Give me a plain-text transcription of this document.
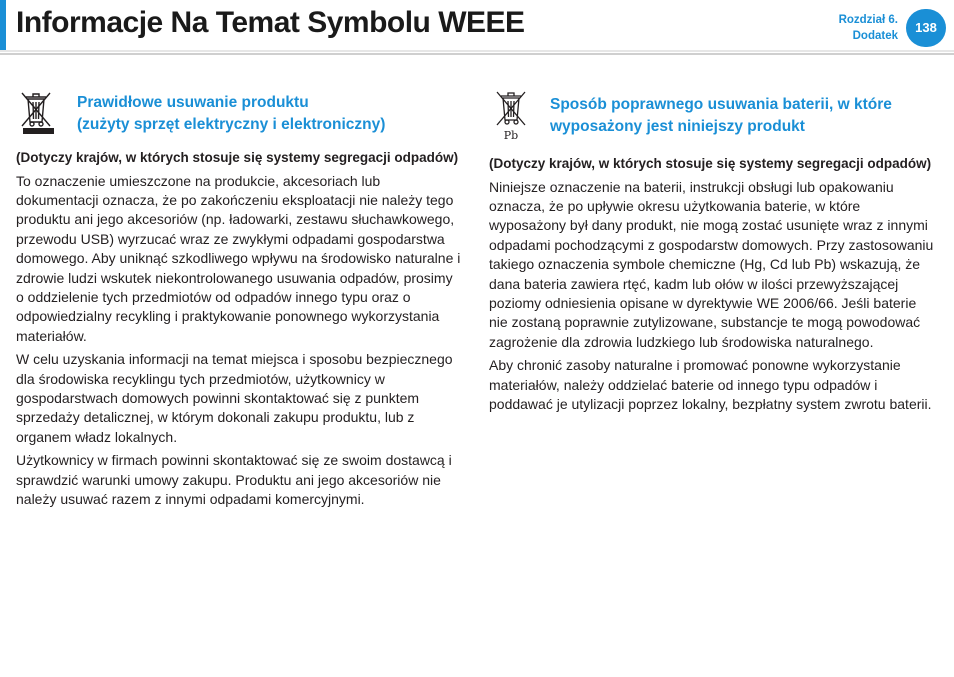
Informacje Na Temat Symbolu WEEE	Rozdział 6.
Dodatek
138
Prawidłowe usuwanie produktu
(zużyty sprzęt elektryczny i elektroniczny)

(Dotyczy krajów, w których stosuje się systemy segregacji odpadów)

To oznaczenie umieszczone na produkcie, akcesoriach lub dokumentacji oznacza, że po zakończeniu eksploatacji nie należy tego produktu ani jego akcesoriów (np. ładowarki, zestawu słuchawkowego, przewodu USB) wyrzucać wraz ze zwykłymi odpadami gospodarstwa domowego. Aby uniknąć szkodliwego wpływu na środowisko naturalne i zdrowie ludzi wskutek niekontrolowanego usuwania odpadów, prosimy o oddzielenie tych przedmiotów od odpadów innego typu oraz o odpowiedzialny recykling i praktykowanie ponownego wykorzystania materiałów.

W celu uzyskania informacji na temat miejsca i sposobu bezpiecznego dla środowiska recyklingu tych przedmiotów, użytkownicy w gospodarstwach domowych powinni skontaktować się z punktem sprzedaży detalicznej, w którym dokonali zakupu produktu, lub z organem władz lokalnych.

Użytkownicy w firmach powinni skontaktować się ze swoim dostawcą i sprawdzić warunki umowy zakupu. Produktu ani jego akcesoriów nie należy usuwać razem z innymi odpadami komercyjnymi.

Pb
Sposób poprawnego usuwania baterii, w które
wyposażony jest niniejszy produkt

(Dotyczy krajów, w których stosuje się systemy segregacji odpadów)

Niniejsze oznaczenie na baterii, instrukcji obsługi lub opakowaniu oznacza, że po upływie okresu użytkowania baterie, w które wyposażony był dany produkt, nie mogą zostać usunięte wraz z innymi odpadami pochodzącymi z gospodarstw domowych. Przy zastosowaniu takiego oznaczenia symbole chemiczne (Hg, Cd lub Pb) wskazują, że dana bateria zawiera rtęć, kadm lub ołów w ilości przewyższającej poziomy odniesienia opisane w dyrektywie WE 2006/66. Jeśli baterie nie zostaną poprawnie zutylizowane, substancje te mogą powodować zagrożenie dla zdrowia ludzkiego lub środowiska naturalnego.

Aby chronić zasoby naturalne i promować ponowne wykorzystanie materiałów, należy oddzielać baterie od innego typu odpadów i poddawać je utylizacji poprzez lokalny, bezpłatny system zwrotu baterii.
